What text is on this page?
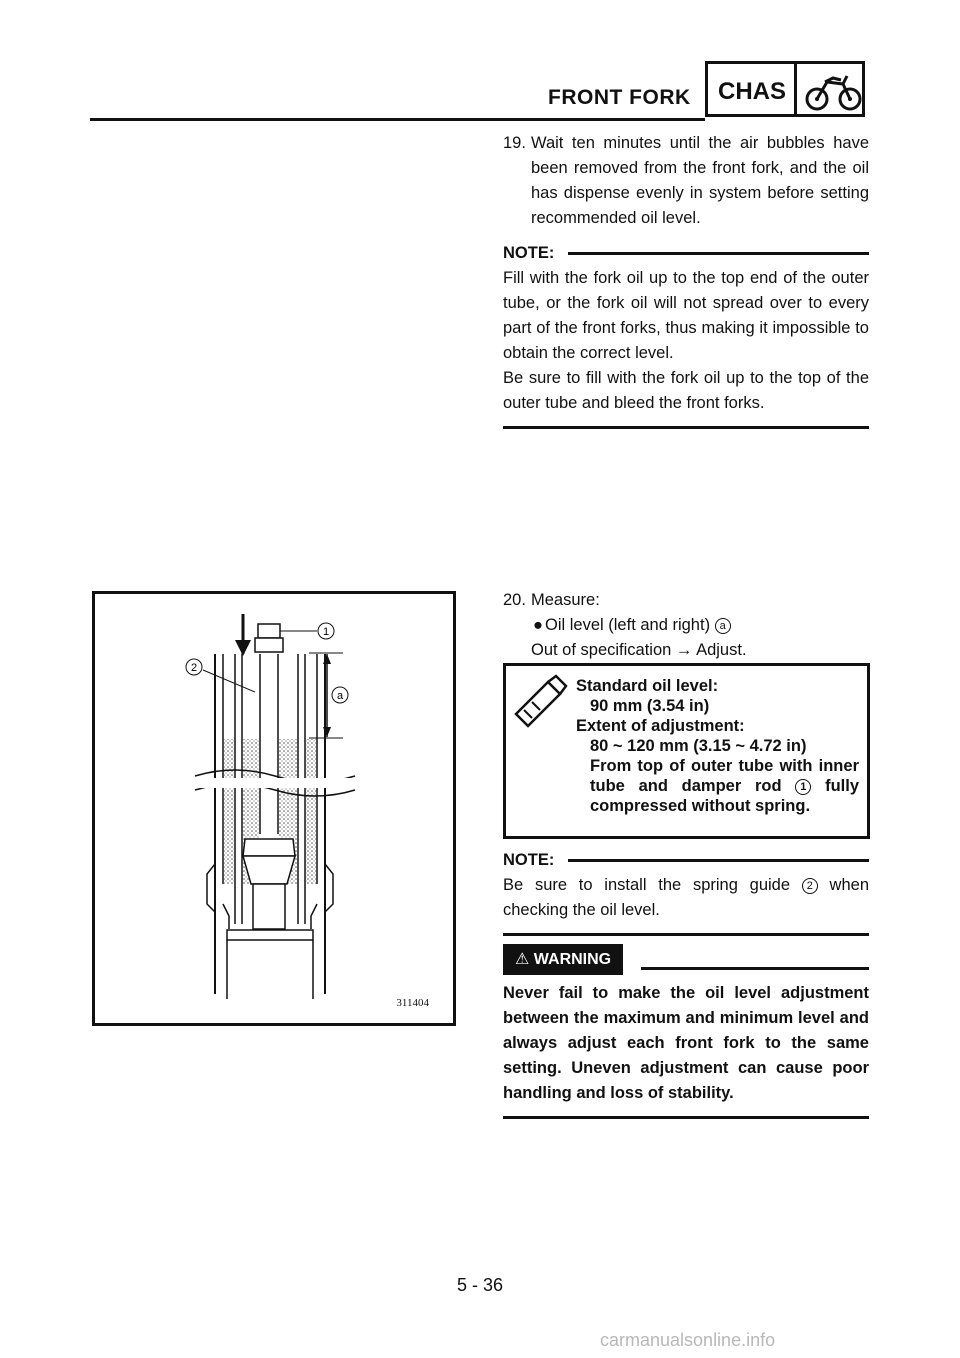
FRONT FORK CHAS
19. Wait ten minutes until the air bubbles have been removed from the front fork, and the oil has dispense evenly in system before setting recommended oil level.
NOTE:
Fill with the fork oil up to the top end of the outer tube, or the fork oil will not spread over to every part of the front forks, thus making it impossible to obtain the correct level.
Be sure to fill with the fork oil up to the top of the outer tube and bleed the front forks.
1
2
a
311404
20. Measure:
● Oil level (left and right) a
Out of specification → Adjust.
Standard oil level:
90 mm (3.54 in)
Extent of adjustment:
80 ~ 120 mm (3.15 ~ 4.72 in)
From top of outer tube with inner tube and damper rod 1 fully compressed without spring.
NOTE:
Be sure to install the spring guide 2 when checking the oil level.
⚠ WARNING
Never fail to make the oil level adjustment between the maximum and minimum level and always adjust each front fork to the same setting. Uneven adjustment can cause poor handling and loss of stability.
5 - 36
carmanualsonline.info
